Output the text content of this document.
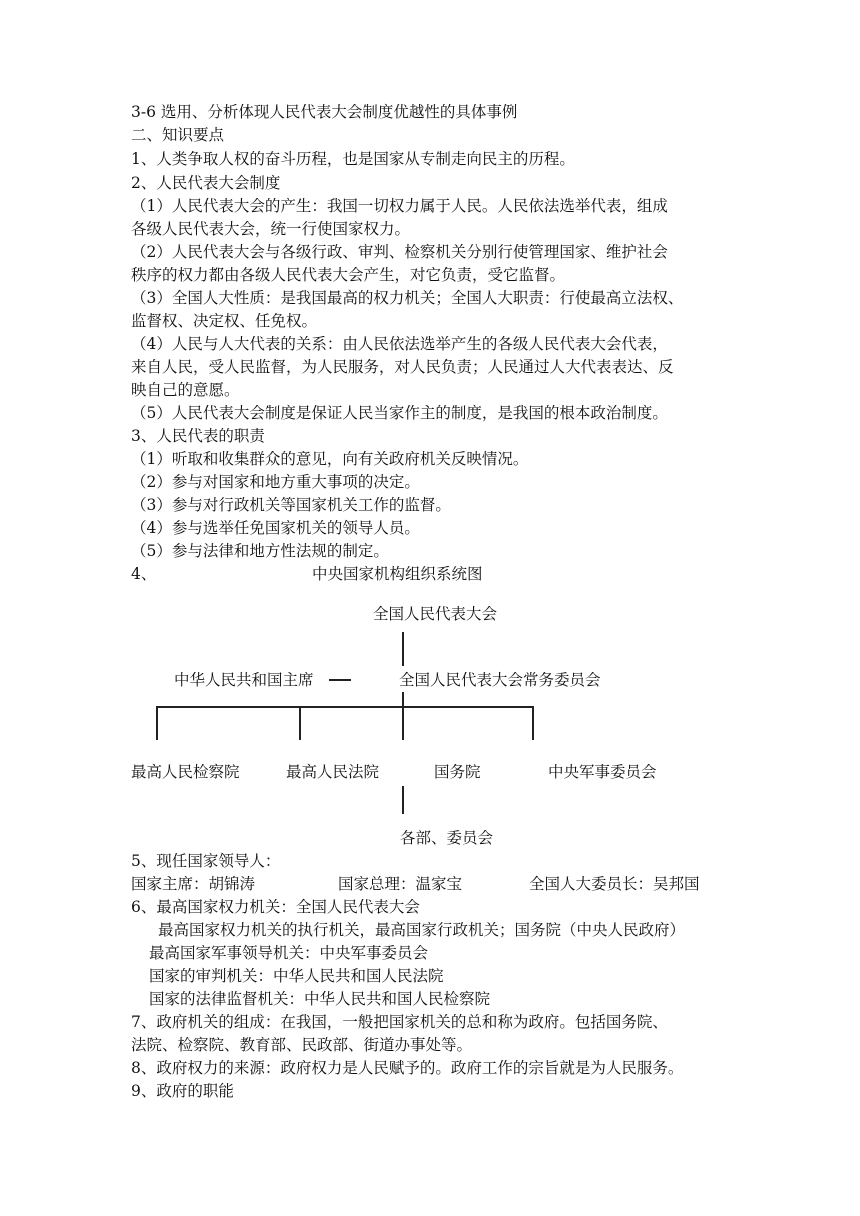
3-6 选用、分析体现人民代表大会制度优越性的具体事例
二、知识要点
1、人类争取人权的奋斗历程，也是国家从专制走向民主的历程。
2、人民代表大会制度
（1）人民代表大会的产生：我国一切权力属于人民。人民依法选举代表，组成
各级人民代表大会，统一行使国家权力。
（2）人民代表大会与各级行政、审判、检察机关分别行使管理国家、维护社会
秩序的权力都由各级人民代表大会产生，对它负责，受它监督。
（3）全国人大性质：是我国最高的权力机关；全国人大职责：行使最高立法权、
监督权、决定权、任免权。
（4）人民与人大代表的关系：由人民依法选举产生的各级人民代表大会代表，
来自人民，受人民监督，为人民服务，对人民负责；人民通过人大代表表达、反
映自己的意愿。
（5）人民代表大会制度是保证人民当家作主的制度，是我国的根本政治制度。
3、人民代表的职责
（1）听取和收集群众的意见，向有关政府机关反映情况。
（2）参与对国家和地方重大事项的决定。
（3）参与对行政机关等国家机关工作的监督。
（4）参与选举任免国家机关的领导人员。
（5）参与法律和地方性法规的制定。
4、	中央国家机构组织系统图
全国人民代表大会
中华人民共和国主席	全国人民代表大会常务委员会
最高人民检察院	最高人民法院	国务院	中央军事委员会
各部、委员会
5、现任国家领导人：
国家主席：胡锦涛	国家总理：温家宝	全国人大委员长：吴邦国
6、最高国家权力机关：全国人民代表大会
最高国家权力机关的执行机关，最高国家行政机关；国务院（中央人民政府）
最高国家军事领导机关：中央军事委员会
国家的审判机关：中华人民共和国人民法院
国家的法律监督机关：中华人民共和国人民检察院
7、政府机关的组成：在我国，一般把国家机关的总和称为政府。包括国务院、
法院、检察院、教育部、民政部、街道办事处等。
8、政府权力的来源：政府权力是人民赋予的。政府工作的宗旨就是为人民服务。
9、政府的职能
